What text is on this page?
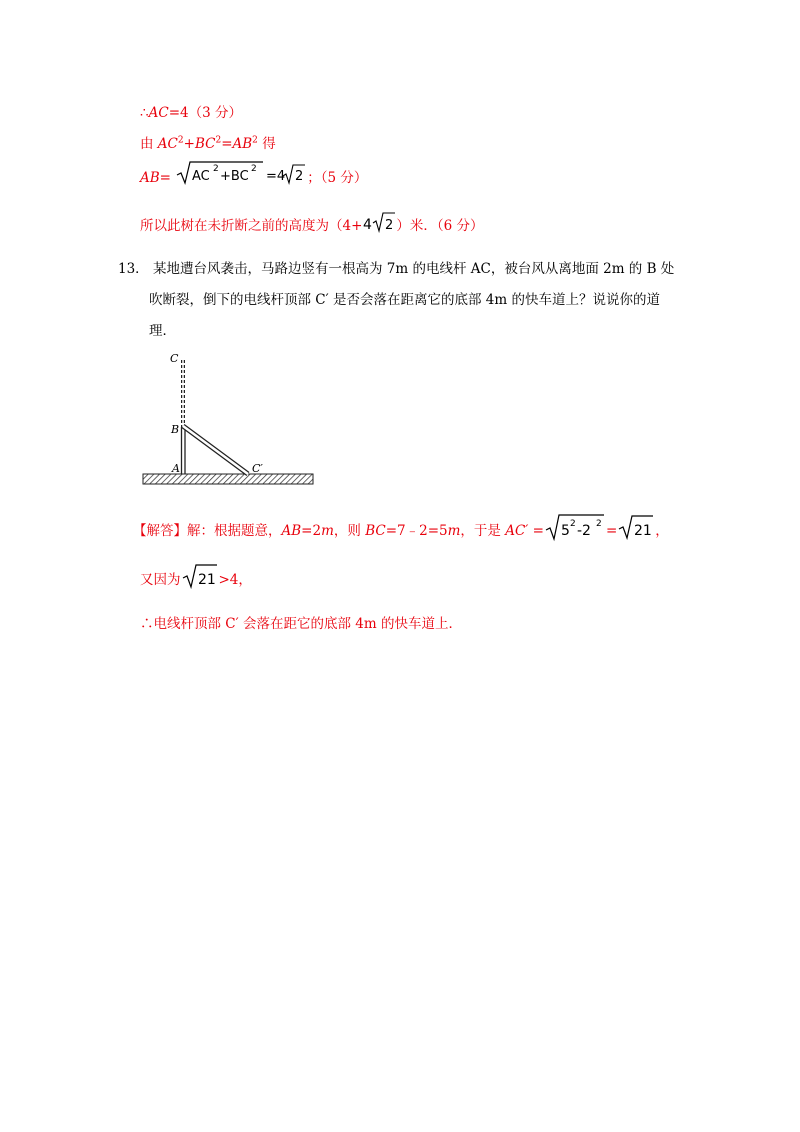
∴AC=4（3 分）
由 $AC^2+BC^2=AB^2$ 得
AB= AC 2 +BC 2 =4 2 ；（5 分）
所以此树在未折断之前的高度为（4+ 4 2 ）米．（6 分）
13． 某地遭台风袭击，马路边竖有一根高为 7m 的电线杆 AC，被台风从离地面 2m 的 B 处
吹断裂，倒下的电线杆顶部 C′ 是否会落在距离它的底部 4m 的快车道上？说说你的道
理．
C
B
A	C′
【解答】解：根据题意，AB=2m，则 BC=7﹣2=5m，于是 AC′ = 5 2 -2 2 = 21 ，
又因为 21 >4，
∴电线杆顶部 C′ 会落在距它的底部 4m 的快车道上．
